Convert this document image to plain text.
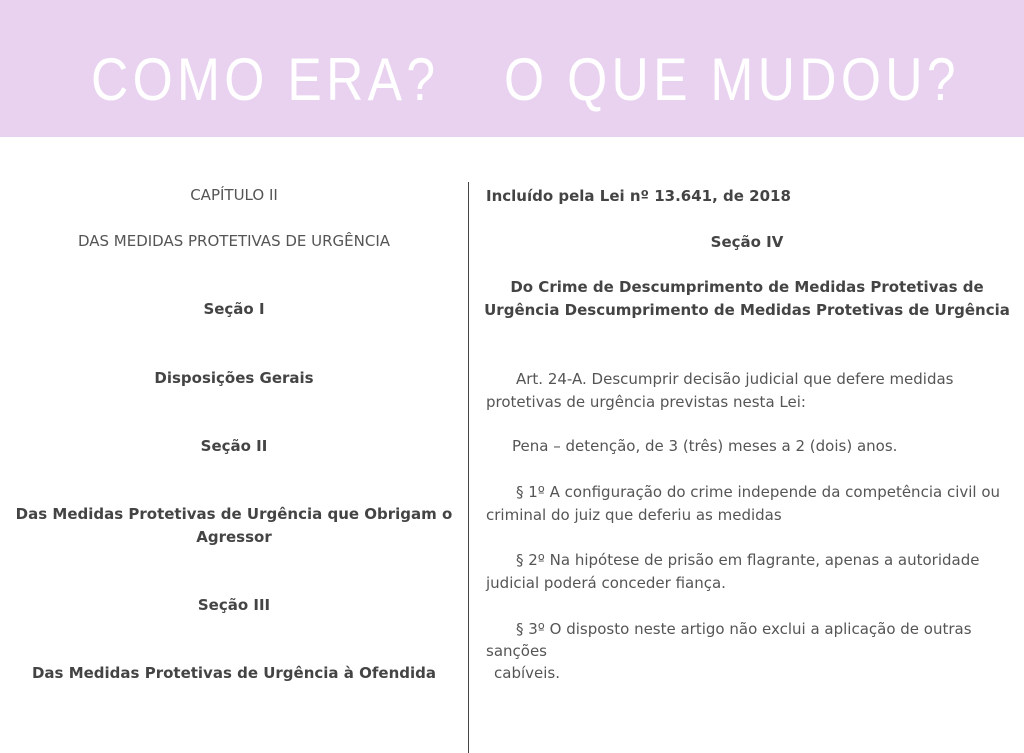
COMO ERA? O QUE MUDOU?

CAPÍTULO II

DAS MEDIDAS PROTETIVAS DE URGÊNCIA

Seção I

Disposições Gerais

Seção II

Das Medidas Protetivas de Urgência que Obrigam o

Agressor

Seção III

Das Medidas Protetivas de Urgência à Ofendida

Incluído pela Lei nº 13.641, de 2018

Seção IV

Do Crime de Descumprimento de Medidas Protetivas de

Urgência Descumprimento de Medidas Protetivas de Urgência

Art. 24-A. Descumprir decisão judicial que defere medidas

protetivas de urgência previstas nesta Lei:

Pena – detenção, de 3 (três) meses a 2 (dois) anos.

§ 1º A configuração do crime independe da competência civil ou

criminal do juiz que deferiu as medidas

§ 2º Na hipótese de prisão em flagrante, apenas a autoridade

judicial poderá conceder fiança.

§ 3º O disposto neste artigo não exclui a aplicação de outras

sanções

cabíveis.
